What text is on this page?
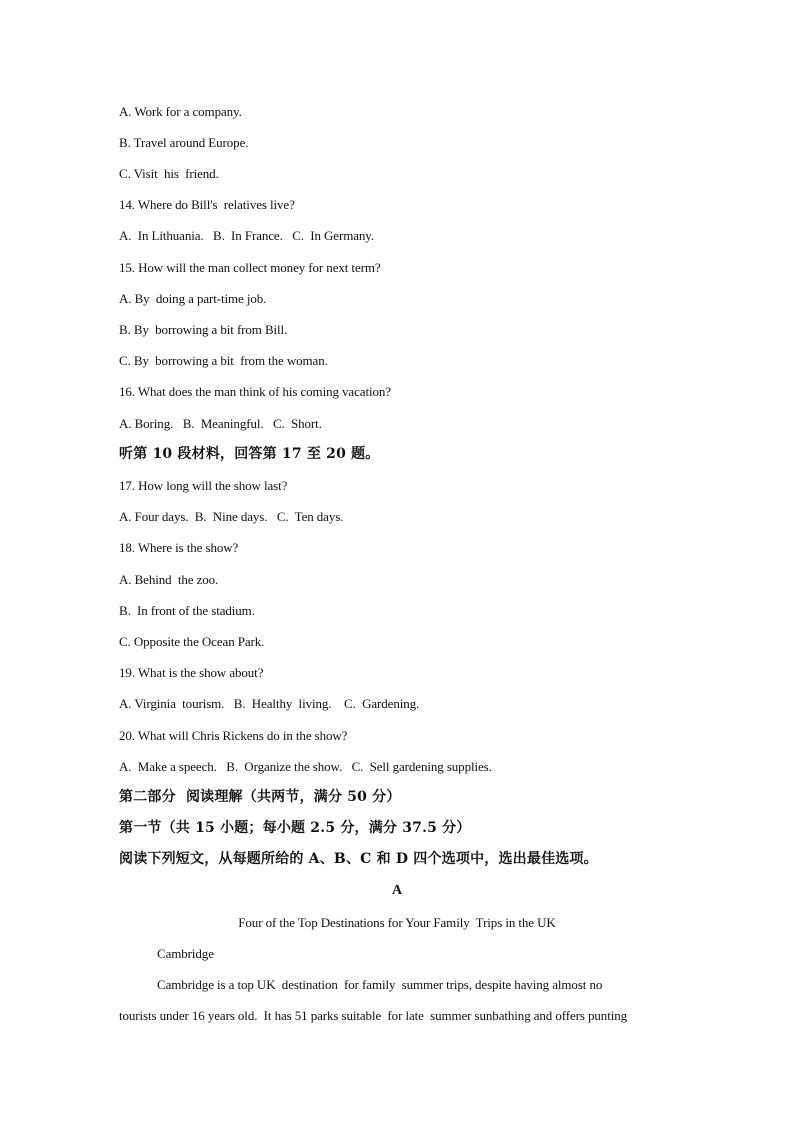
A. Work for a company.
B. Travel around Europe.
C. Visit  his  friend.
14. Where do Bill's  relatives live?
A.  In Lithuania.   B.  In France.   C.  In Germany.
15. How will the man collect money for next term?
A. By  doing a part-time job.
B. By  borrowing a bit from Bill.
C. By  borrowing a bit  from the woman.
16. What does the man think of his coming vacation?
A. Boring.   B.  Meaningful.   C.  Short.
听第 10 段材料，回答第 17 至 20 题。
17. How long will the show last?
A. Four days.  B.  Nine days.   C.  Ten days.
18. Where is the show?
A. Behind  the zoo.
B.  In front of the stadium.
C. Opposite the Ocean Park.
19. What is the show about?
A. Virginia  tourism.   B.  Healthy  living.    C.  Gardening.
20. What will Chris Rickens do in the show?
A.  Make a speech.   B.  Organize the show.   C.  Sell gardening supplies.
第二部分  阅读理解（共两节，满分 50 分）
第一节（共 15 小题；每小题 2.5 分，满分 37.5 分）
阅读下列短文，从每题所给的 A、B、C 和 D 四个选项中，选出最佳选项。
A
Four of the Top Destinations for Your Family  Trips in the UK
Cambridge
Cambridge is a top UK  destination  for family  summer trips, despite having almost no
tourists under 16 years old.  It has 51 parks suitable  for late  summer sunbathing and offers punting
